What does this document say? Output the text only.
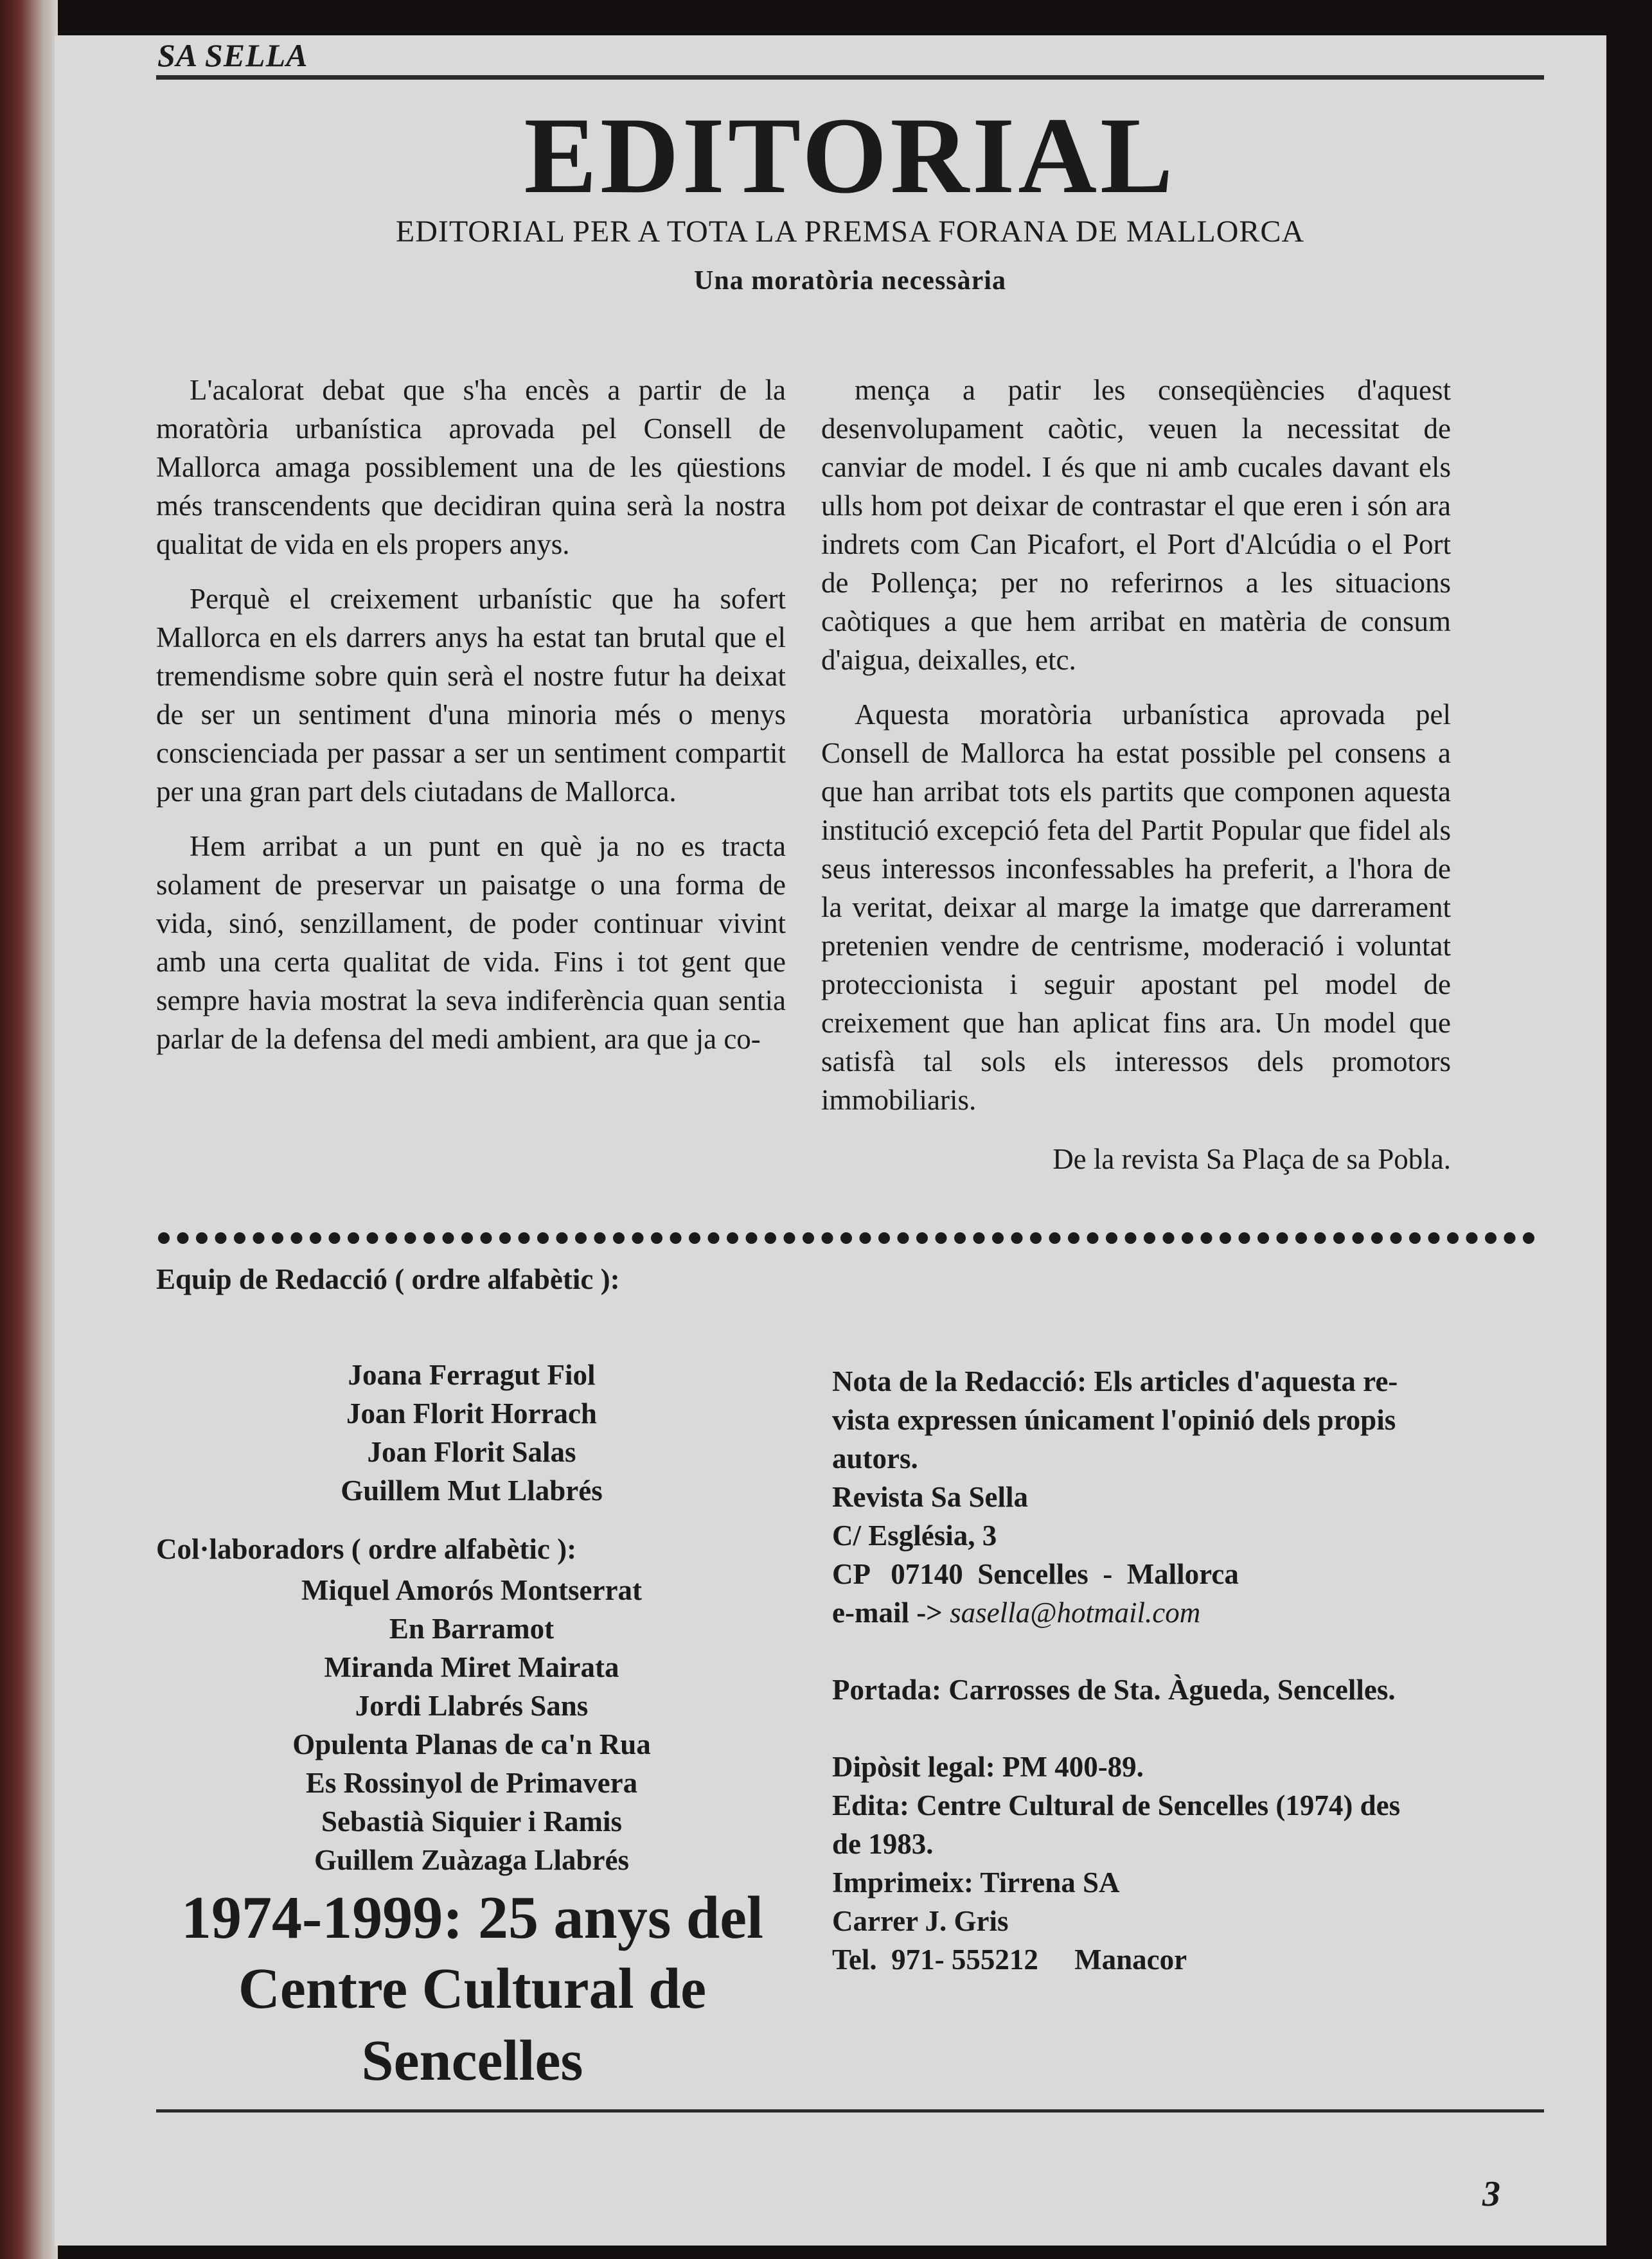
SA SELLA
EDITORIAL
EDITORIAL PER A TOTA LA PREMSA FORANA DE MALLORCA
Una moratòria necessària

L'acalorat debat que s'ha encès a partir de la moratòria urbanística aprovada pel Consell de Mallorca amaga possiblement una de les qüestions més transcendents que decidiran quina serà la nostra qualitat de vida en els propers anys.

Perquè el creixement urbanístic que ha sofert Mallorca en els darrers anys ha estat tan brutal que el tremendisme sobre quin serà el nostre futur ha deixat de ser un sentiment d'una minoria més o menys conscienciada per passar a ser un sentiment compartit per una gran part dels ciutadans de Mallorca.

Hem arribat a un punt en què ja no es tracta solament de preservar un paisatge o una forma de vida, sinó, senzillament, de poder continuar vivint amb una certa qualitat de vida. Fins i tot gent que sempre havia mostrat la seva indiferència quan sentia parlar de la defensa del medi ambient, ara que ja co-

mença a patir les conseqüències d'aquest desenvolupament caòtic, veuen la necessitat de canviar de model. I és que ni amb cucales davant els ulls hom pot deixar de contrastar el que eren i són ara indrets com Can Picafort, el Port d'Alcúdia o el Port de Pollença; per no referirnos a les situacions caòtiques a que hem arribat en matèria de consum d'aigua, deixalles, etc.

Aquesta moratòria urbanística aprovada pel Consell de Mallorca ha estat possible pel consens a que han arribat tots els partits que componen aquesta institució excepció feta del Partit Popular que fidel als seus interessos inconfessables ha preferit, a l'hora de la veritat, deixar al marge la imatge que darrerament pretenien vendre de centrisme, moderació i voluntat proteccionista i seguir apostant pel model de creixement que han aplicat fins ara. Un model que satisfà tal sols els interessos dels promotors immobiliaris.

De la revista Sa Plaça de sa Pobla.

Equip de Redacció ( ordre alfabètic ):
Joana Ferragut Fiol
Joan Florit Horrach
Joan Florit Salas
Guillem Mut Llabrés
Col·laboradors ( ordre alfabètic ):
Miquel Amorós Montserrat
En Barramot
Miranda Miret Mairata
Jordi Llabrés Sans
Opulenta Planas de ca'n Rua
Es Rossinyol de Primavera
Sebastià Siquier i Ramis
Guillem Zuàzaga Llabrés
Nota de la Redacció: Els articles d'aquesta re-
vista expressen únicament l'opinió dels propis
autors.
Revista Sa Sella
C/ Església, 3
CP   07140  Sencelles  -  Mallorca
e-mail -> sasella@hotmail.com
Portada: Carrosses de Sta. Àgueda, Sencelles.
Dipòsit legal: PM 400-89.
Edita: Centre Cultural de Sencelles (1974) des
de 1983.
Imprimeix: Tirrena SA
Carrer J. Gris
Tel.  971- 555212     Manacor
1974-1999: 25 anys del
Centre Cultural de
Sencelles
3
